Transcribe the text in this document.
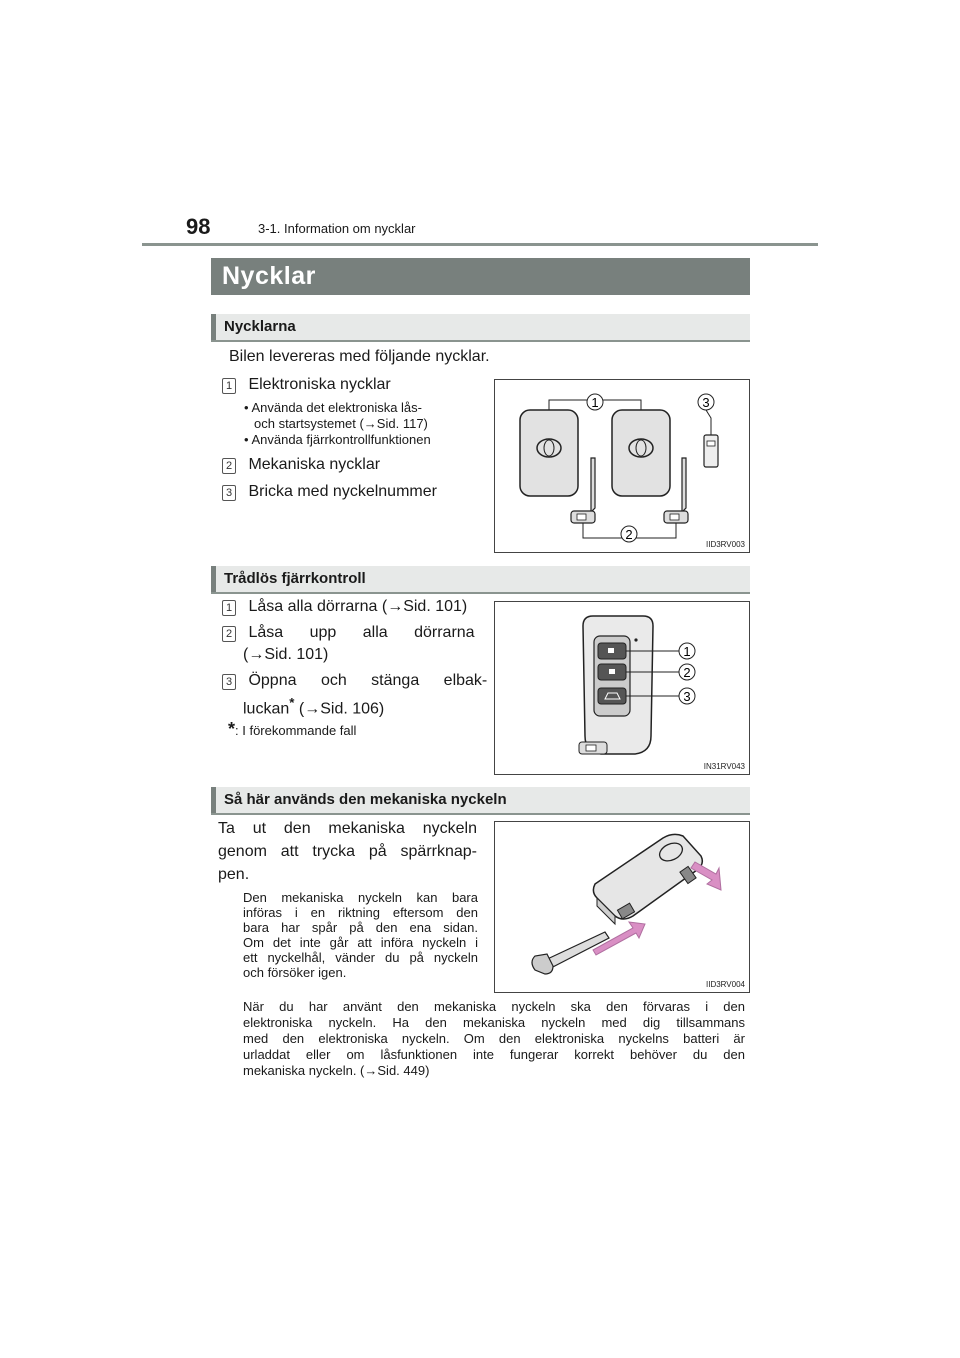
98	3-1. Information om nycklar
Nycklar
Nycklarna
Bilen levereras med följande nycklar.
1 Elektroniska nycklar
• Använda det elektroniska lås-
och startsystemet (→Sid. 117)
• Använda fjärrkontrollfunktionen
2 Mekaniska nycklar
3 Bricka med nyckelnummer
1	3
2
IID3RV003
Trådlös fjärrkontroll
1 Låsa alla dörrarna (→Sid. 101)
2 Låsa upp alla dörrarna
(→Sid. 101)
3 Öppna och stänga elbak-
luckan* (→Sid. 106)
*: I förekommande fall
1
2
3
IN31RV043
Så här används den mekaniska nyckeln
Ta ut den mekaniska nyckeln
genom att trycka på spärrknap-
pen.
Den mekaniska nyckeln kan bara
införas i en riktning eftersom den
bara har spår på den ena sidan.
Om det inte går att införa nyckeln i
ett nyckelhål, vänder du på nyckeln
och försöker igen.
När du har använt den mekaniska nyckeln ska den förvaras i den
elektroniska nyckeln. Ha den mekaniska nyckeln med dig tillsammans
med den elektroniska nyckeln. Om den elektroniska nyckelns batteri är
urladdat eller om låsfunktionen inte fungerar korrekt behöver du den
mekaniska nyckeln. (→Sid. 449)
IID3RV004
